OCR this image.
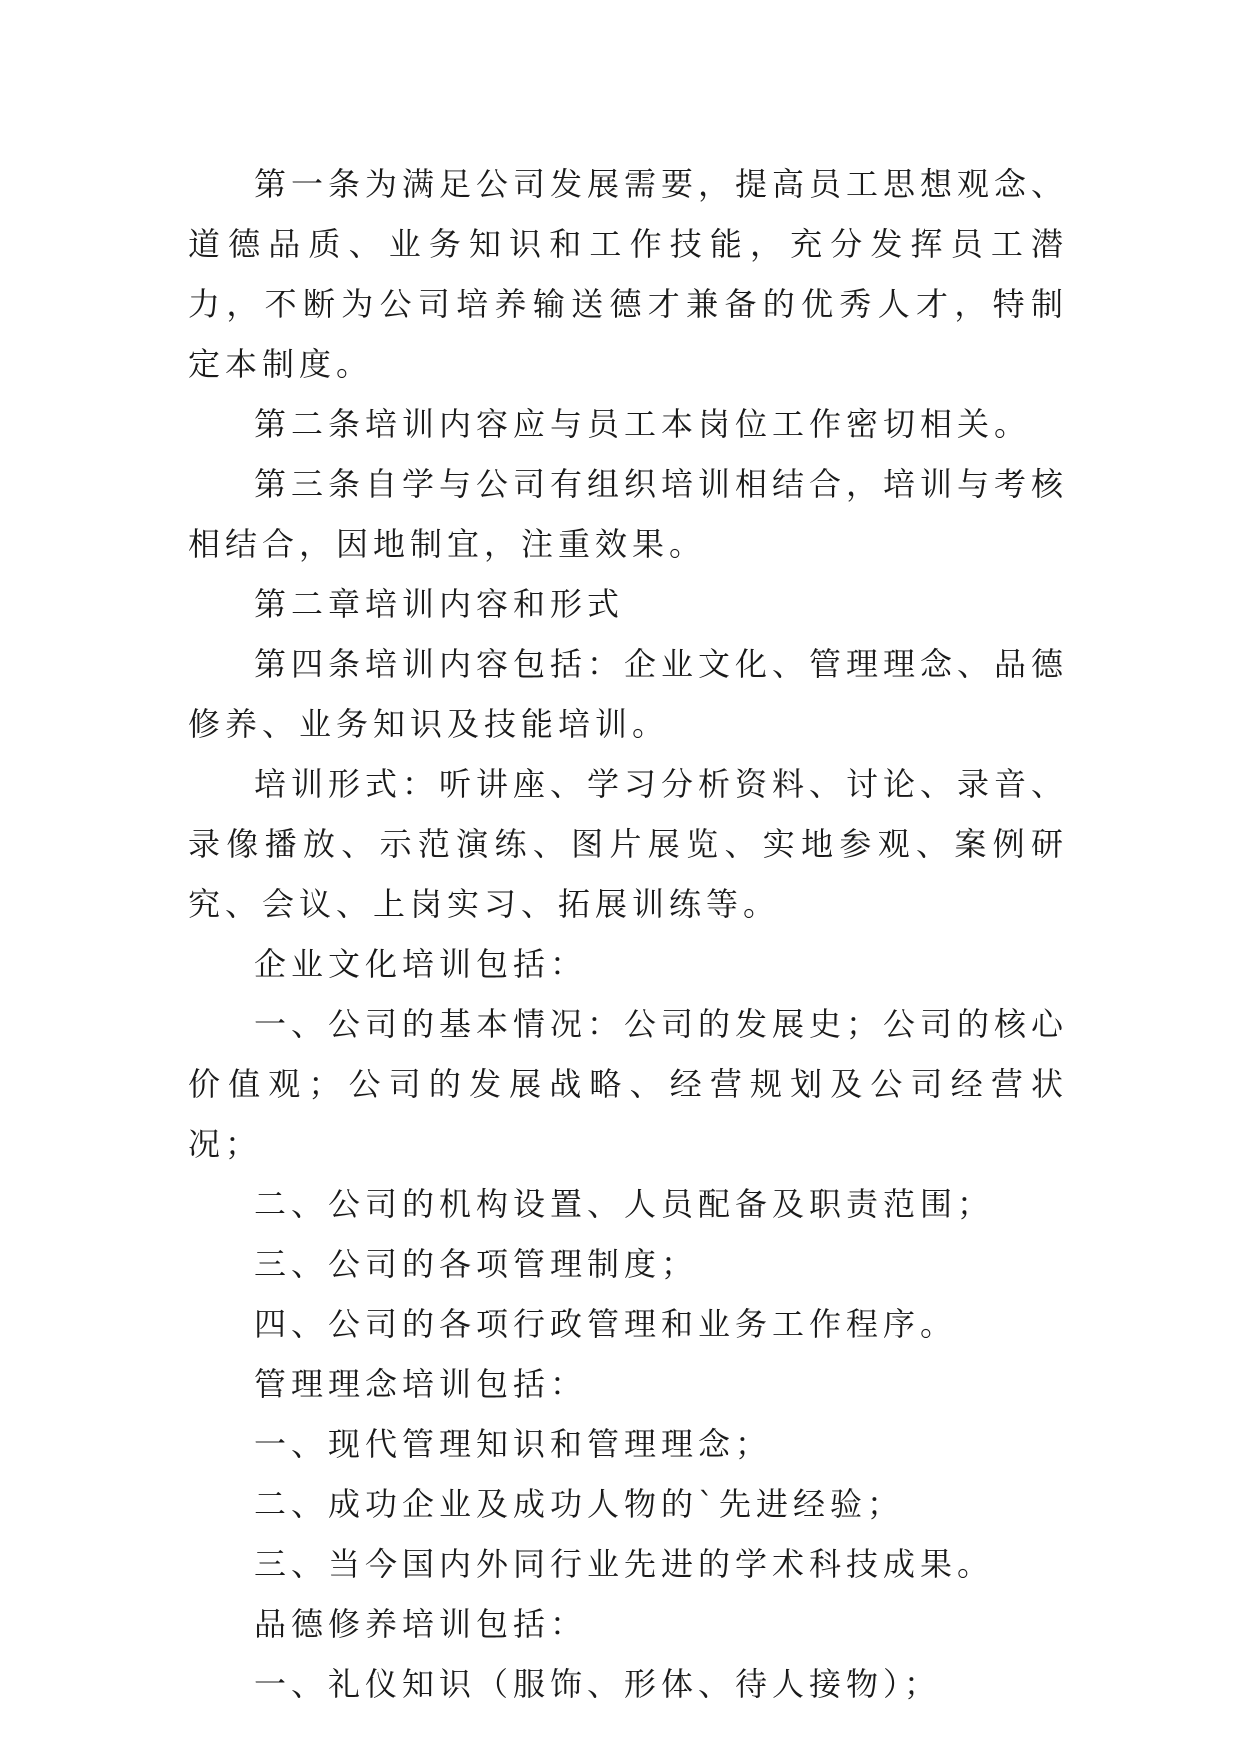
第一条为满足公司发展需要，提高员工思想观念、道德品质、业务知识和工作技能，充分发挥员工潜力，不断为公司培养输送德才兼备的优秀人才，特制定本制度。

第二条培训内容应与员工本岗位工作密切相关。

第三条自学与公司有组织培训相结合，培训与考核相结合，因地制宜，注重效果。

第二章培训内容和形式

第四条培训内容包括：企业文化、管理理念、品德修养、业务知识及技能培训。

培训形式：听讲座、学习分析资料、讨论、录音、录像播放、示范演练、图片展览、实地参观、案例研究、会议、上岗实习、拓展训练等。

企业文化培训包括：

一、公司的基本情况：公司的发展史；公司的核心价值观；公司的发展战略、经营规划及公司经营状况；

二、公司的机构设置、人员配备及职责范围；

三、公司的各项管理制度；

四、公司的各项行政管理和业务工作程序。

管理理念培训包括：

一、现代管理知识和管理理念；

二、成功企业及成功人物的`先进经验；

三、当今国内外同行业先进的学术科技成果。

品德修养培训包括：

一、礼仪知识（服饰、形体、待人接物）；
